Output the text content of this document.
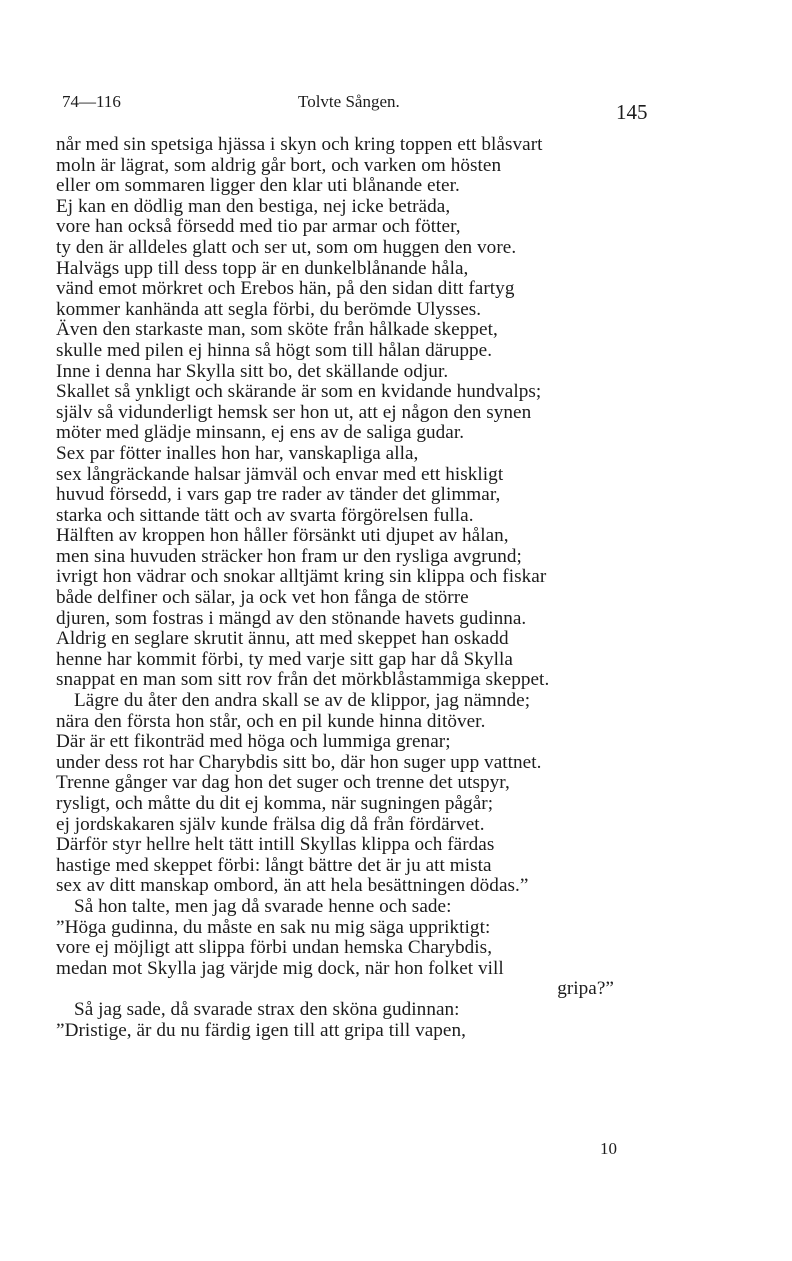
74—116	Tolvte Sången.	145
når med sin spetsiga hjässa i skyn och kring toppen ett blåsvart
moln är lägrat, som aldrig går bort, och varken om hösten
eller om sommaren ligger den klar uti blånande eter.
Ej kan en dödlig man den bestiga, nej icke beträda,
vore han också försedd med tio par armar och fötter,
ty den är alldeles glatt och ser ut, som om huggen den vore.
Halvägs upp till dess topp är en dunkelblånande håla,
vänd emot mörkret och Erebos hän, på den sidan ditt fartyg
kommer kanhända att segla förbi, du berömde Ulysses.
Även den starkaste man, som sköte från hålkade skeppet,
skulle med pilen ej hinna så högt som till hålan däruppe.
Inne i denna har Skylla sitt bo, det skällande odjur.
Skallet så ynkligt och skärande är som en kvidande hundvalps;
själv så vidunderligt hemsk ser hon ut, att ej någon den synen
möter med glädje minsann, ej ens av de saliga gudar.
Sex par fötter inalles hon har, vanskapliga alla,
sex långräckande halsar jämväl och envar med ett hiskligt
huvud försedd, i vars gap tre rader av tänder det glimmar,
starka och sittande tätt och av svarta förgörelsen fulla.
Hälften av kroppen hon håller försänkt uti djupet av hålan,
men sina huvuden sträcker hon fram ur den rysliga avgrund;
ivrigt hon vädrar och snokar alltjämt kring sin klippa och fiskar
både delfiner och sälar, ja ock vet hon fånga de större
djuren, som fostras i mängd av den stönande havets gudinna.
Aldrig en seglare skrutit ännu, att med skeppet han oskadd
henne har kommit förbi, ty med varje sitt gap har då Skylla
snappat en man som sitt rov från det mörkblåstammiga skeppet.
Lägre du åter den andra skall se av de klippor, jag nämnde;
nära den första hon står, och en pil kunde hinna ditöver.
Där är ett fikonträd med höga och lummiga grenar;
under dess rot har Charybdis sitt bo, där hon suger upp vattnet.
Trenne gånger var dag hon det suger och trenne det utspyr,
rysligt, och måtte du dit ej komma, när sugningen pågår;
ej jordskakaren själv kunde frälsa dig då från fördärvet.
Därför styr hellre helt tätt intill Skyllas klippa och färdas
hastige med skeppet förbi: långt bättre det är ju att mista
sex av ditt manskap ombord, än att hela besättningen dödas.”
Så hon talte, men jag då svarade henne och sade:
”Höga gudinna, du måste en sak nu mig säga uppriktigt:
vore ej möjligt att slippa förbi undan hemska Charybdis,
medan mot Skylla jag värjde mig dock, när hon folket vill
gripa?”
Så jag sade, då svarade strax den sköna gudinnan:
”Dristige, är du nu färdig igen till att gripa till vapen,
10
